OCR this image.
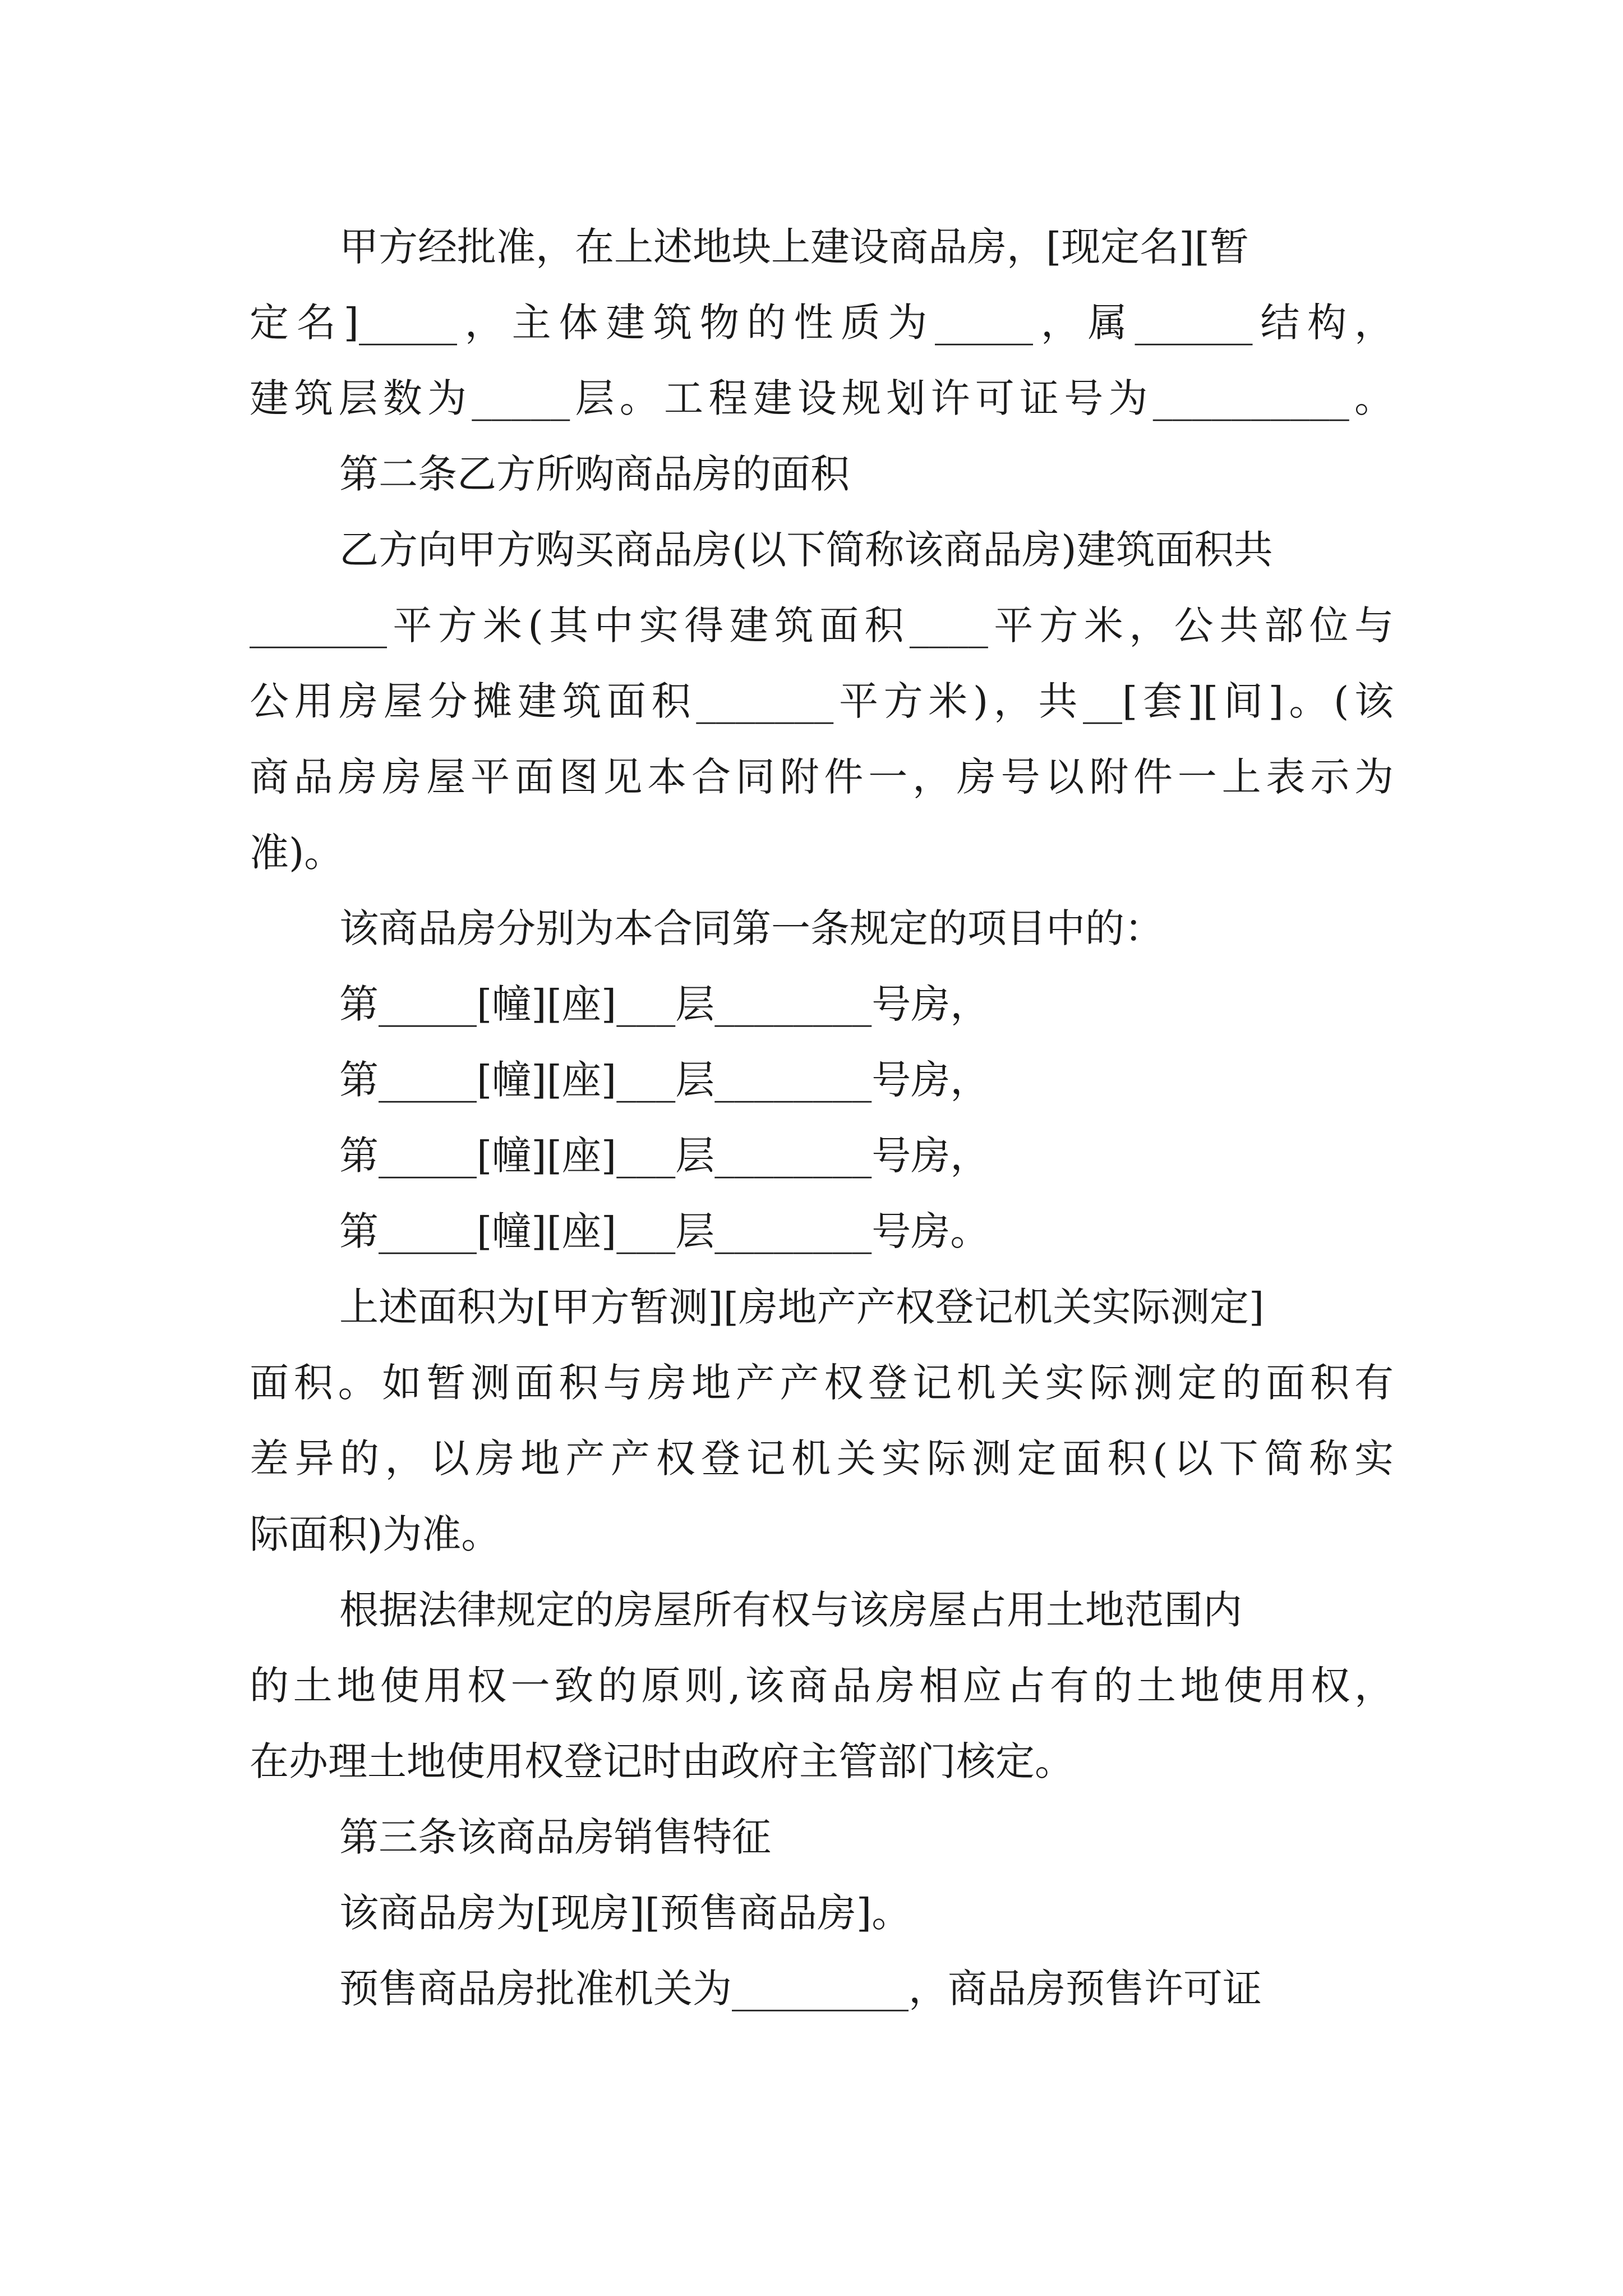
甲方经批准，在上述地块上建设商品房，[现定名][暂
定名]_____，主体建筑物的性质为_____，属______结构，
建筑层数为_____层。工程建设规划许可证号为__________。
第二条乙方所购商品房的面积
乙方向甲方购买商品房(以下简称该商品房)建筑面积共
_______平方米(其中实得建筑面积____平方米，公共部位与
公用房屋分摊建筑面积_______平方米)，共__[套][间]。(该
商品房房屋平面图见本合同附件一，房号以附件一上表示为
准)。
该商品房分别为本合同第一条规定的项目中的：
第_____[幢][座]___层________号房，
第_____[幢][座]___层________号房，
第_____[幢][座]___层________号房，
第_____[幢][座]___层________号房。
上述面积为[甲方暂测][房地产产权登记机关实际测定]
面积。如暂测面积与房地产产权登记机关实际测定的面积有
差异的，以房地产产权登记机关实际测定面积(以下简称实
际面积)为准。
根据法律规定的房屋所有权与该房屋占用土地范围内
的土地使用权一致的原则,该商品房相应占有的土地使用权，
在办理土地使用权登记时由政府主管部门核定。
第三条该商品房销售特征
该商品房为[现房][预售商品房]。
预售商品房批准机关为_________，商品房预售许可证
